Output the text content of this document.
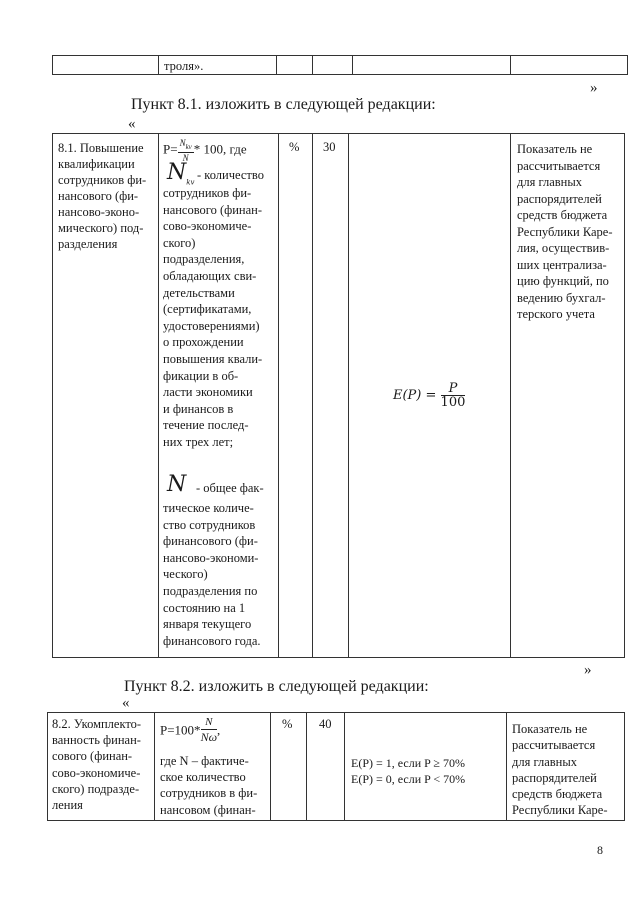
троля».
»
Пункт 8.1. изложить в следующей редакции:
«
8.1. Повышение
квалификации
сотрудников фи-
нансового (фи-
нансово-эконо-
мического) под-
разделения
$P= \frac{N_{kv}}{N} * 100$, где
$N_{kv}$
- количество
сотрудников фи-
нансового (финан-
сово-экономиче-
ского)
подразделения,
обладающих сви-
детельствами
(сертификатами,
удостоверениями)
о прохождении
повышения квали-
фикации в об-
ласти экономики
и финансов в
течение послед-
них трех лет;
N - общее фак-
тическое количе-
ство сотрудников
финансового (фи-
нансово-экономи-
ческого)
подразделения по
состоянию на 1
января текущего
финансового года.
% 30
$E(P) = \frac{P}{100}$
Показатель не
рассчитывается
для главных
распорядителей
средств бюджета
Республики Каре-
лия, осуществив-
ших централиза-
цию функций, по
ведению бухгал-
терского учета
»
Пункт 8.2. изложить в следующей редакции:
«
8.2. Укомплекто-
ванность финан-
сового (финан-
сово-экономиче-
ского) подразде-
ления
$P=100* \frac{N}{N\omega}$ ,
где N – фактиче-
ское количество
сотрудников в фи-
нансовом (финан-
% 40
E(P) = 1, если P ≥ 70%
E(P) = 0, если P < 70%
Показатель не
рассчитывается
для главных
распорядителей
средств бюджета
Республики Каре-
8
